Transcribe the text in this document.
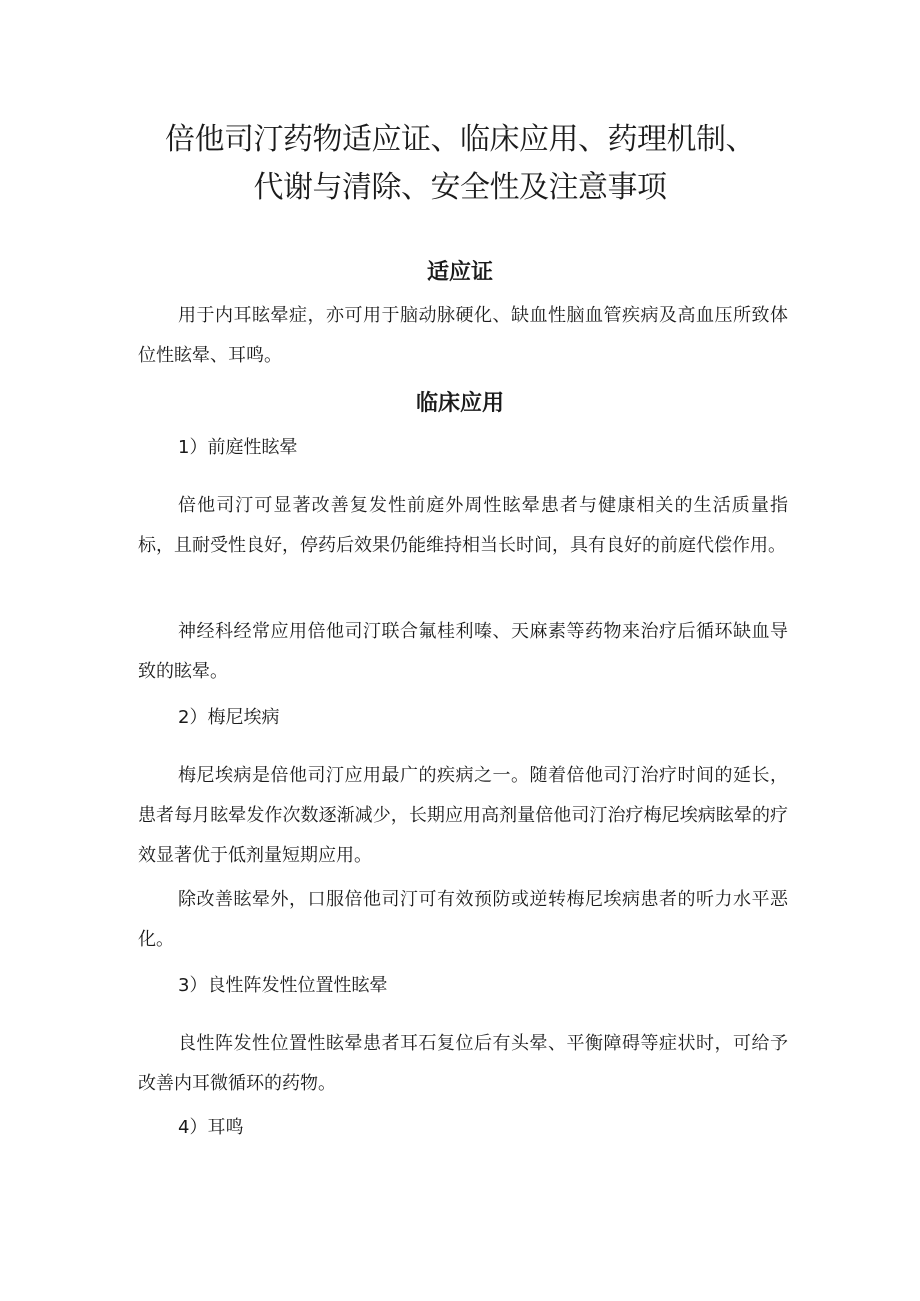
倍他司汀药物适应证、临床应用、药理机制、
代谢与清除、安全性及注意事项
适应证

用于内耳眩晕症，亦可用于脑动脉硬化、缺血性脑血管疾病及高血压所致体位性眩晕、耳鸣。

临床应用

1）前庭性眩晕

倍他司汀可显著改善复发性前庭外周性眩晕患者与健康相关的生活质量指标，且耐受性良好，停药后效果仍能维持相当长时间，具有良好的前庭代偿作用。

神经科经常应用倍他司汀联合氟桂利嗪、天麻素等药物来治疗后循环缺血导致的眩晕。

2）梅尼埃病

梅尼埃病是倍他司汀应用最广的疾病之一。随着倍他司汀治疗时间的延长，患者每月眩晕发作次数逐渐减少，长期应用高剂量倍他司汀治疗梅尼埃病眩晕的疗效显著优于低剂量短期应用。

除改善眩晕外，口服倍他司汀可有效预防或逆转梅尼埃病患者的听力水平恶化。

3）良性阵发性位置性眩晕

良性阵发性位置性眩晕患者耳石复位后有头晕、平衡障碍等症状时，可给予改善内耳微循环的药物。

4）耳鸣
